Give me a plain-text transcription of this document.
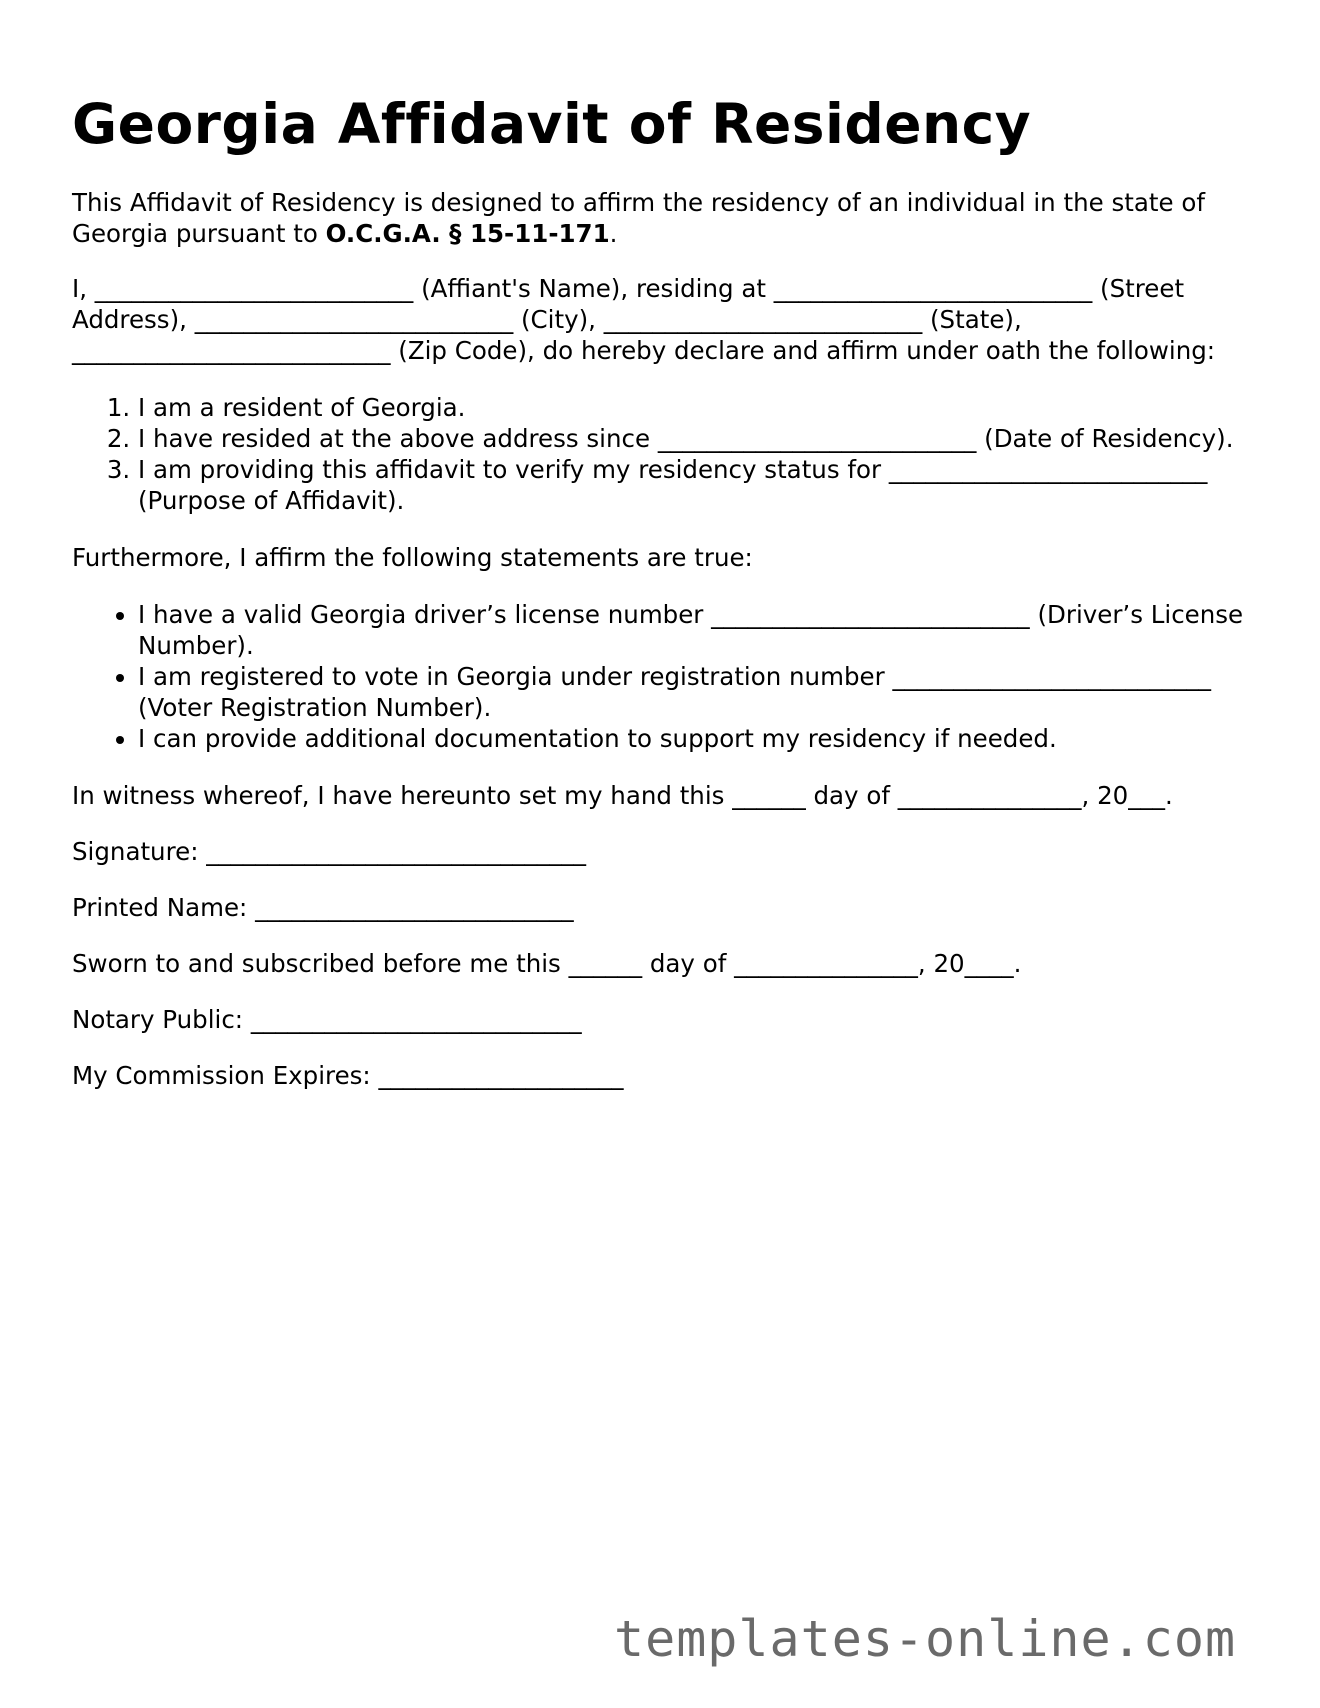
Georgia Affidavit of Residency

This Affidavit of Residency is designed to affirm the residency of an individual in the state of Georgia pursuant to O.C.G.A. § 15-11-171.

I, __________________________ (Affiant's Name), residing at __________________________ (Street Address), __________________________ (City), __________________________ (State), __________________________ (Zip Code), do hereby declare and affirm under oath the following:

1. I am a resident of Georgia.
2. I have resided at the above address since __________________________ (Date of Residency).
3. I am providing this affidavit to verify my residency status for __________________________ (Purpose of Affidavit).

Furthermore, I affirm the following statements are true:

• I have a valid Georgia driver’s license number __________________________ (Driver’s License Number).
• I am registered to vote in Georgia under registration number __________________________ (Voter Registration Number).
• I can provide additional documentation to support my residency if needed.

In witness whereof, I have hereunto set my hand this ______ day of _______________, 20___.

Signature: _______________________________

Printed Name: __________________________

Sworn to and subscribed before me this ______ day of _______________, 20____.

Notary Public: ___________________________

My Commission Expires: ____________________

templates-online.com
